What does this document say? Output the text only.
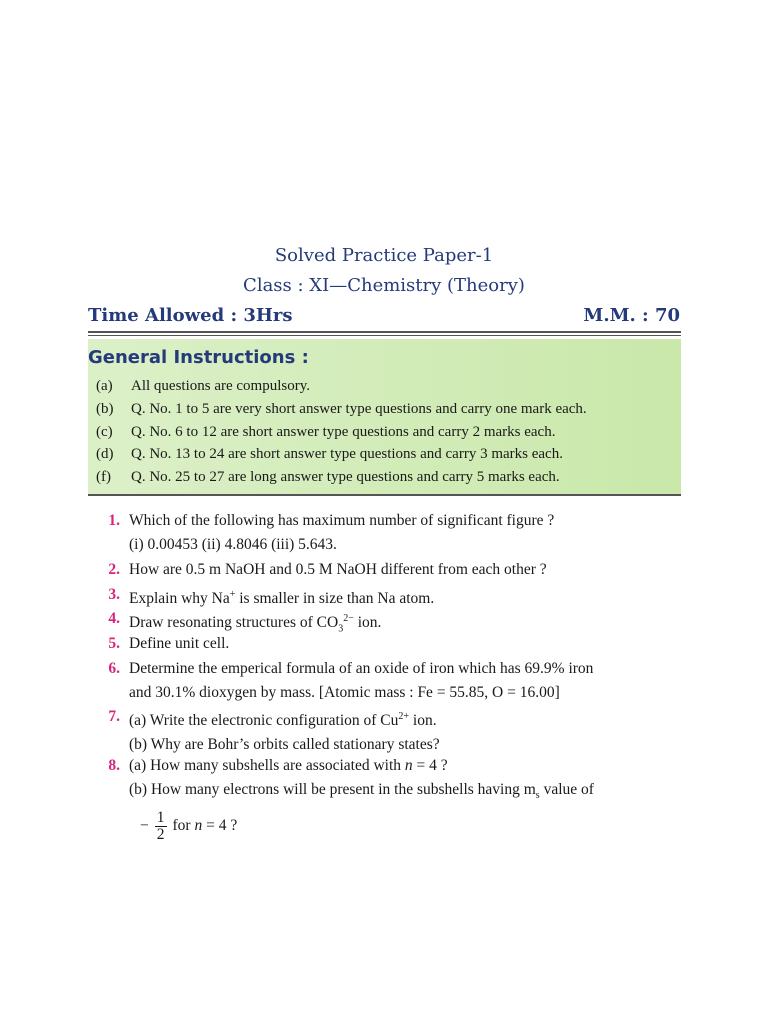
Solved Practice Paper-1
Class : XI—Chemistry (Theory)
Time Allowed : 3Hrs	M.M. : 70
General Instructions :
(a) All questions are compulsory.
(b) Q. No. 1 to 5 are very short answer type questions and carry one mark each.
(c) Q. No. 6 to 12 are short answer type questions and carry 2 marks each.
(d) Q. No. 13 to 24 are short answer type questions and carry 3 marks each.
(f) Q. No. 25 to 27 are long answer type questions and carry 5 marks each.
1. Which of the following has maximum number of significant figure ?
(i) 0.00453 (ii) 4.8046 (iii) 5.643.
2. How are 0.5 m NaOH and 0.5 M NaOH different from each other ?
3. Explain why Na+ is smaller in size than Na atom.
4. Draw resonating structures of $CO_3^{2-}$ ion.
5. Define unit cell.
6. Determine the emperical formula of an oxide of iron which has 69.9% iron
and 30.1% dioxygen by mass. [Atomic mass : Fe = 55.85, O = 16.00]
7. (a) Write the electronic configuration of $Cu^{2+}$ ion.
(b) Why are Bohr’s orbits called stationary states?
8. (a) How many subshells are associated with n = 4 ?
(b) How many electrons will be present in the subshells having $m_s$ value of
− $\frac{1}{2}$ for n = 4 ?
